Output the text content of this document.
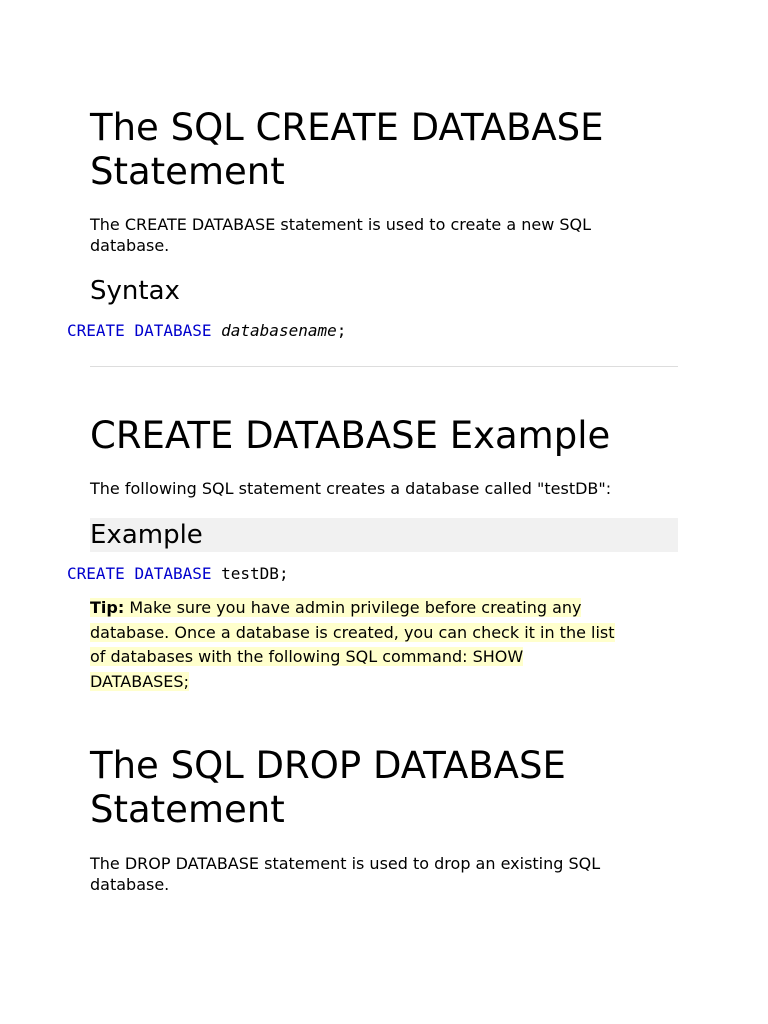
The SQL CREATE DATABASE
Statement

The CREATE DATABASE statement is used to create a new SQL
database.

Syntax
CREATE DATABASE databasename;
CREATE DATABASE Example

The following SQL statement creates a database called "testDB":

Example
CREATE DATABASE testDB;

Tip: Make sure you have admin privilege before creating any
database. Once a database is created, you can check it in the list
of databases with the following SQL command: SHOW
DATABASES;

The SQL DROP DATABASE
Statement

The DROP DATABASE statement is used to drop an existing SQL
database.
